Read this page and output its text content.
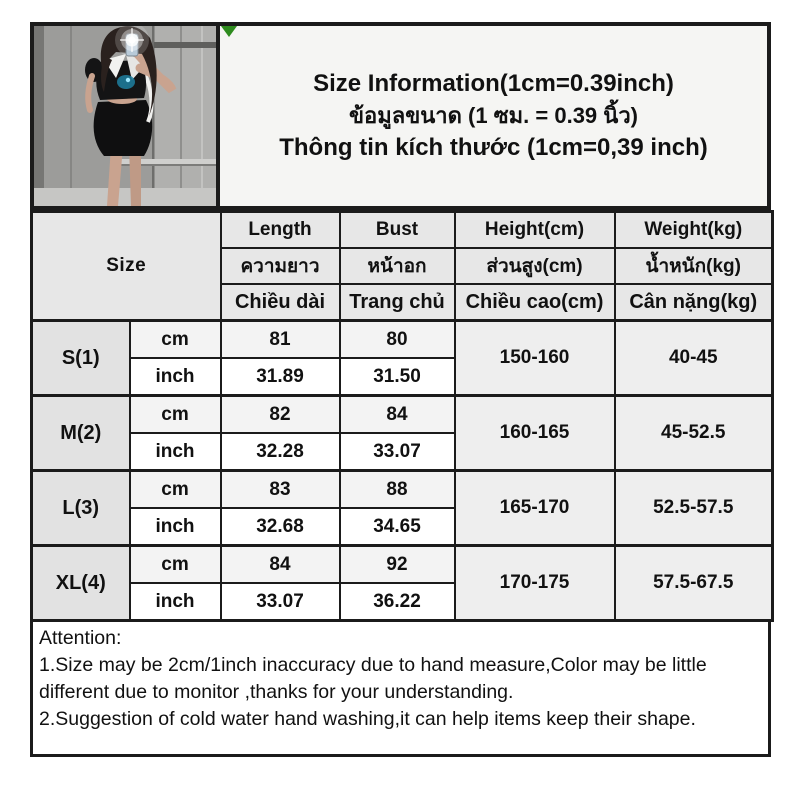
Size Information(1cm=0.39inch)
ข้อมูลขนาด (1 ซม. = 0.39 นิ้ว)
Thông tin kích thước (1cm=0,39 inch)
Size		Length	Bust	Height(cm)	Weight(kg)
		ความยาว	หน้าอก	ส่วนสูง(cm)	น้ำหนัก(kg)
		Chiều dài	Trang chủ	Chiều cao(cm)	Cân nặng(kg)
S(1)	cm	81	80	150-160	40-45
	inch	31.89	31.50		
M(2)	cm	82	84	160-165	45-52.5
	inch	32.28	33.07		
L(3)	cm	83	88	165-170	52.5-57.5
	inch	32.68	34.65		
XL(4)	cm	84	92	170-175	57.5-67.5
	inch	33.07	36.22		
Attention:
1.Size may be 2cm/1inch inaccuracy due to hand measure,Color may be little
different due to monitor ,thanks for your understanding.
2.Suggestion of cold water hand washing,it can help items keep their shape.
